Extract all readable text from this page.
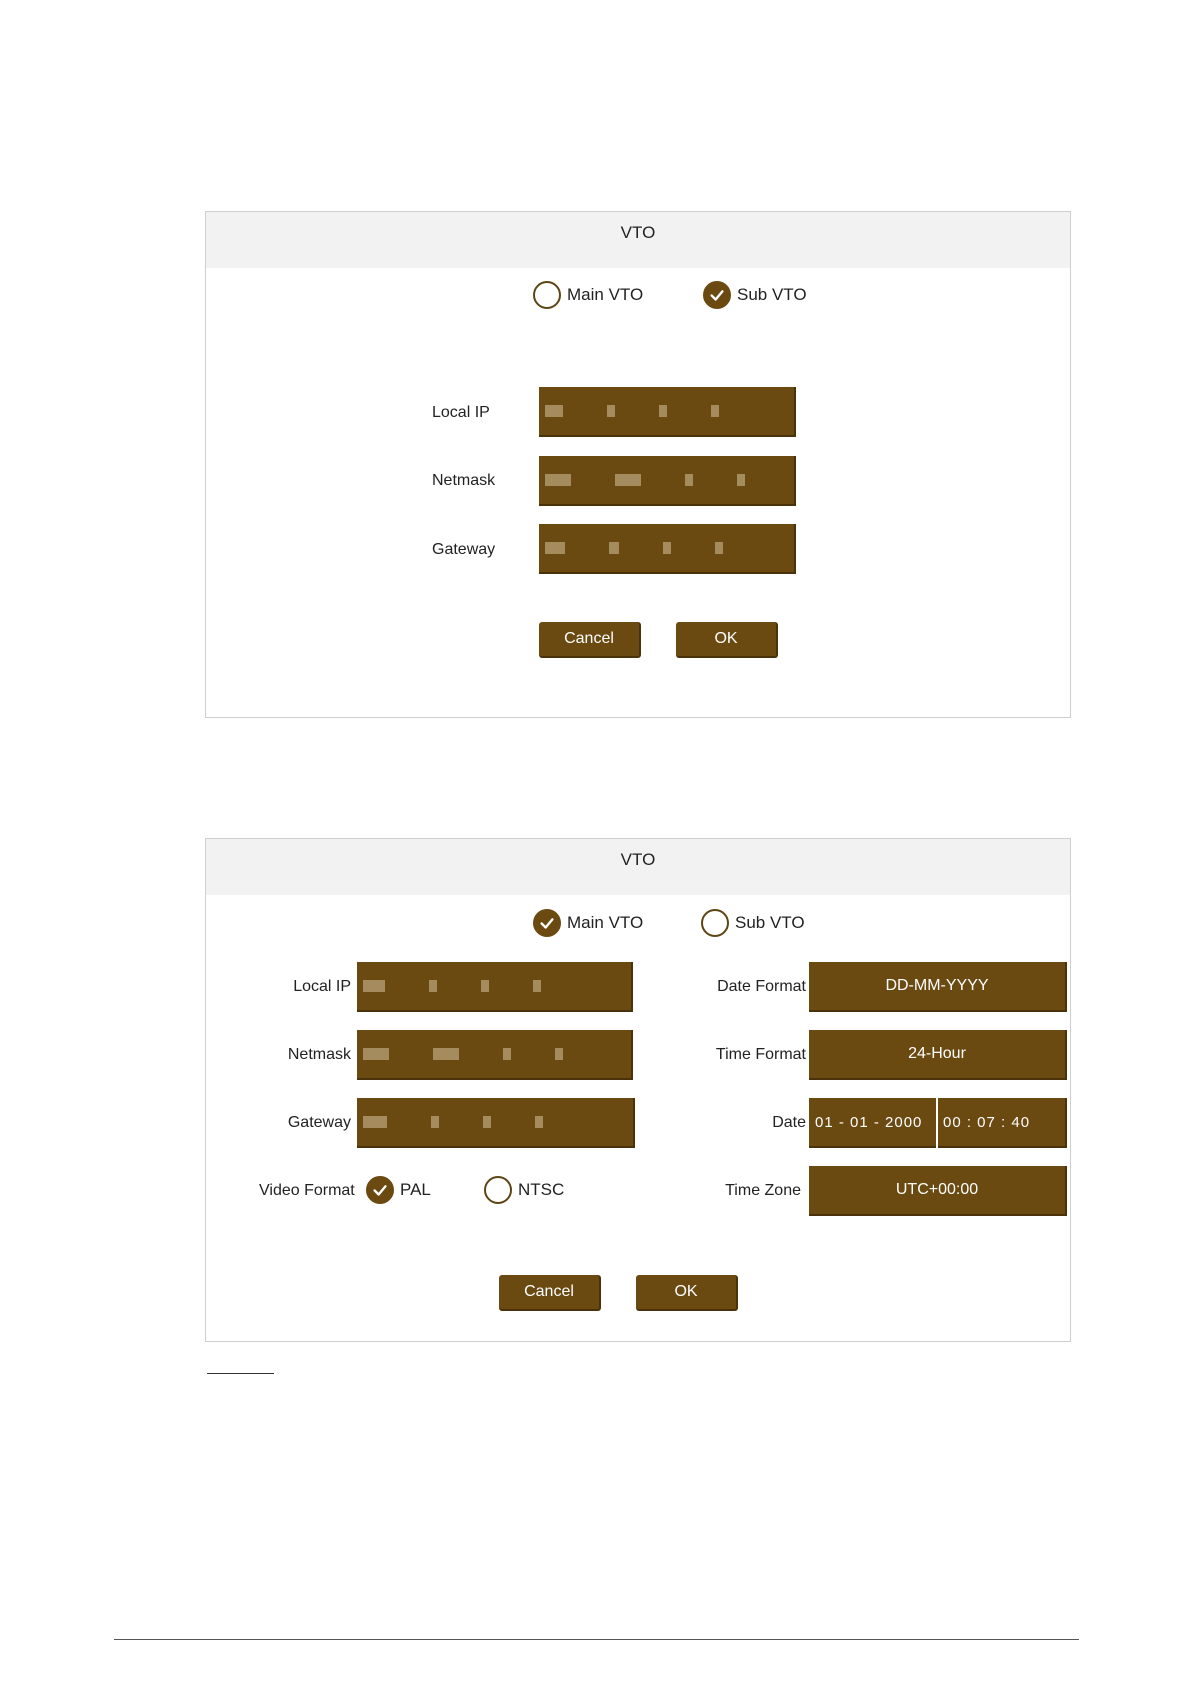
VTO
Main VTO	Sub VTO
Local IP
Netmask
Gateway
Cancel	OK
VTO
Main VTO	Sub VTO
Local IP
Netmask
Gateway
Video Format	PAL	NTSC
Date Format	DD-MM-YYYY
Time Format	24-Hour
Date 01 - 01 - 2000 00 : 07 : 40
Time Zone	UTC+00:00
Cancel	OK
